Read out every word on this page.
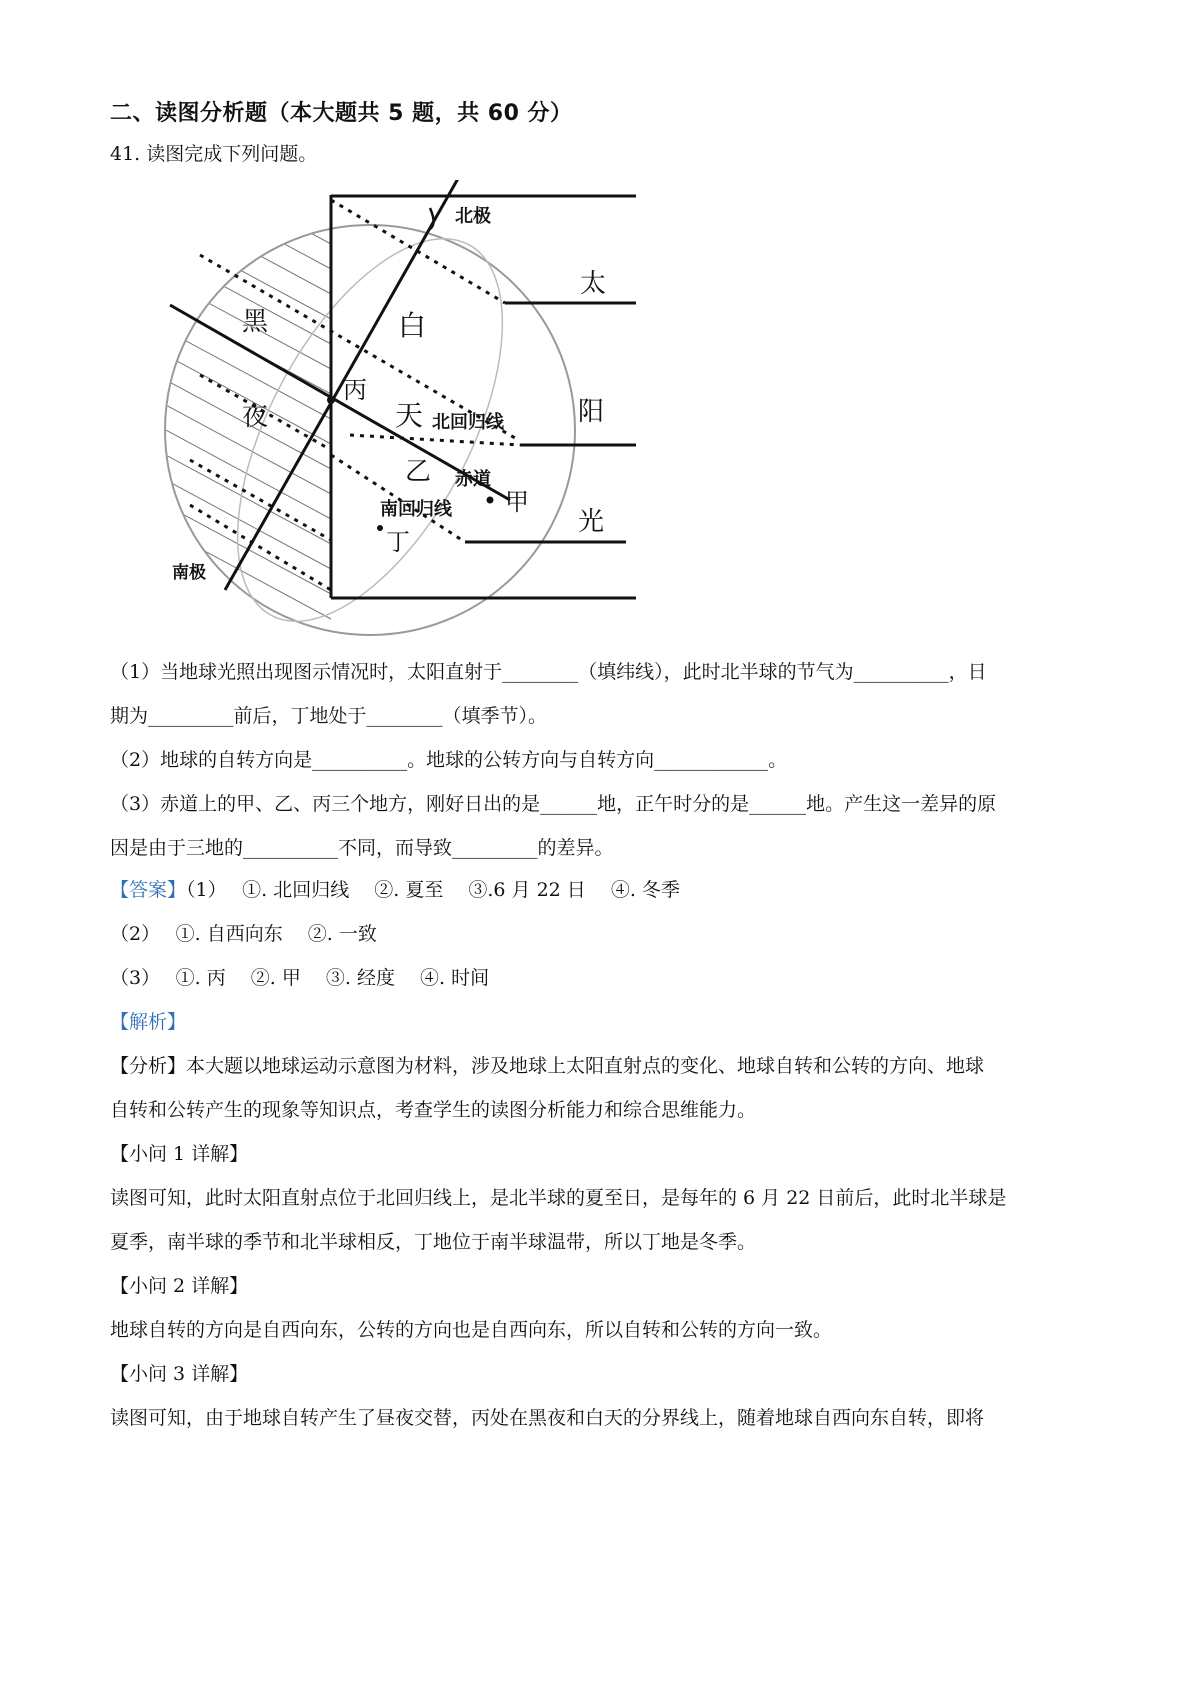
二、读图分析题（本大题共 5 题，共 60 分）
41. 读图完成下列问题。
北极
南极
黑
夜
白
天
太
阳
光
北回归线
赤道
南回归线 甲
乙
丙
丁
（1）当地球光照出现图示情况时，太阳直射于________（填纬线），此时北半球的节气为__________，日
期为_________前后，丁地处于________（填季节）。
（2）地球的自转方向是__________。地球的公转方向与自转方向____________。
（3）赤道上的甲、乙、丙三个地方，刚好日出的是______地，正午时分的是______地。产生这一差异的原
因是由于三地的__________不同，而导致_________的差异。
【答案】（1）　 ①. 北回归线　 ②. 夏至　 ③.6 月 22 日　 ④. 冬季
（2）　 ①. 自西向东　 ②. 一致
（3）　 ①. 丙　 ②. 甲　 ③. 经度　 ④. 时间
【解析】
【分析】本大题以地球运动示意图为材料，涉及地球上太阳直射点的变化、地球自转和公转的方向、地球
自转和公转产生的现象等知识点，考查学生的读图分析能力和综合思维能力。
【小问 1 详解】
读图可知，此时太阳直射点位于北回归线上，是北半球的夏至日，是每年的 6 月 22 日前后，此时北半球是
夏季，南半球的季节和北半球相反，丁地位于南半球温带，所以丁地是冬季。
【小问 2 详解】
地球自转的方向是自西向东，公转的方向也是自西向东，所以自转和公转的方向一致。
【小问 3 详解】
读图可知，由于地球自转产生了昼夜交替，丙处在黑夜和白天的分界线上，随着地球自西向东自转，即将
